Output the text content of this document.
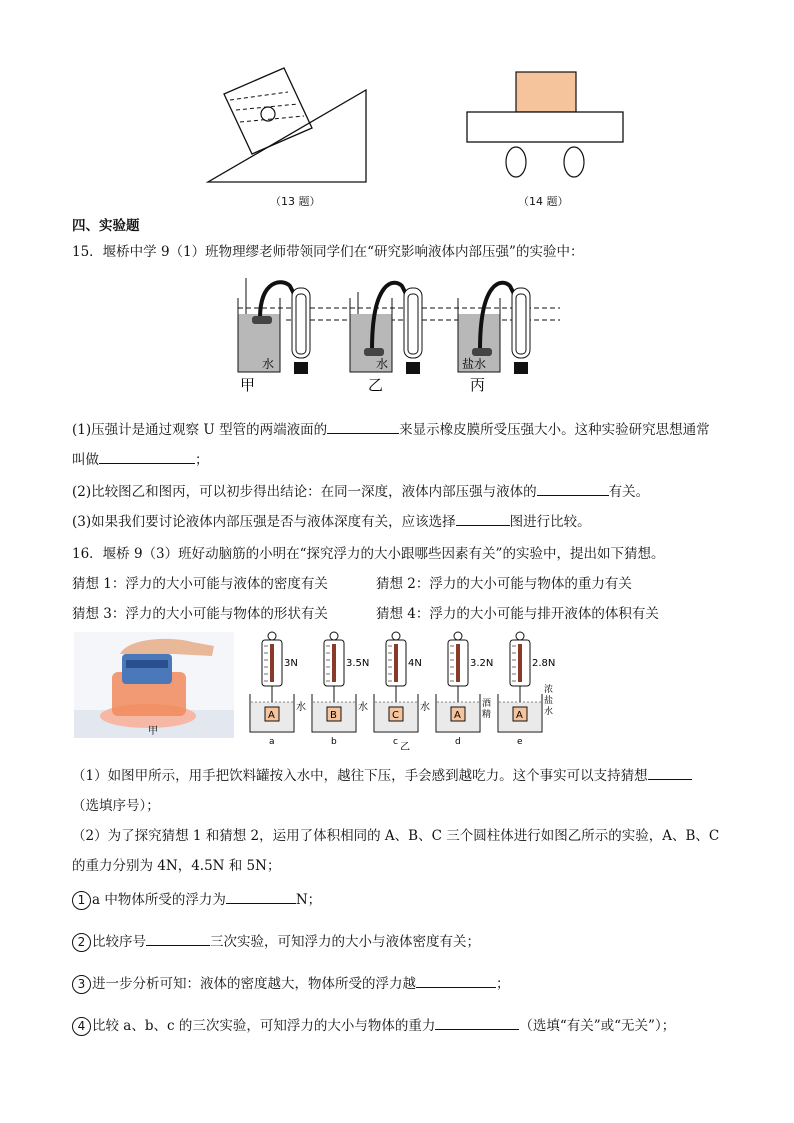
（13 题）	（14 题）
四、实验题
15．堰桥中学 9（1）班物理缪老师带领同学们在“研究影响液体内部压强”的实验中：
水
甲
水
乙
盐水
丙
(1)压强计是通过观察 U 型管的两端液面的	来显示橡皮膜所受压强大小。这种实验研究思想通常
叫做	；
(2)比较图乙和图丙，可以初步得出结论：在同一深度，液体内部压强与液体的	有关。
(3)如果我们要讨论液体内部压强是否与液体深度有关，应该选择	图进行比较。
16．堰桥 9（3）班好动脑筋的小明在“探究浮力的大小跟哪些因素有关”的实验中，提出如下猜想。
猜想 1：浮力的大小可能与液体的密度有关	猜想 2：浮力的大小可能与物体的重力有关
猜想 3：浮力的大小可能与物体的形状有关	猜想 4：浮力的大小可能与排开液体的体积有关
甲
3N
A
a
3.5N
B
b
4N
C
c
3.2N
A
d
2.8N
A
e
水	水	水	酒
精
浓
盐
水
乙
（1）如图甲所示，用手把饮料罐按入水中，越往下压，手会感到越吃力。这个事实可以支持猜想
（选填序号）；
（2）为了探究猜想 1 和猜想 2，运用了体积相同的 A、B、C 三个圆柱体进行如图乙所示的实验，A、B、C
的重力分别为 4N，4.5N 和 5N；
1 a 中物体所受的浮力为	N；
2 比较序号	三次实验，可知浮力的大小与液体密度有关；
3 进一步分析可知：液体的密度越大，物体所受的浮力越	；
4 比较 a、b、c 的三次实验，可知浮力的大小与物体的重力	（选填“有关”或“无关”）；
